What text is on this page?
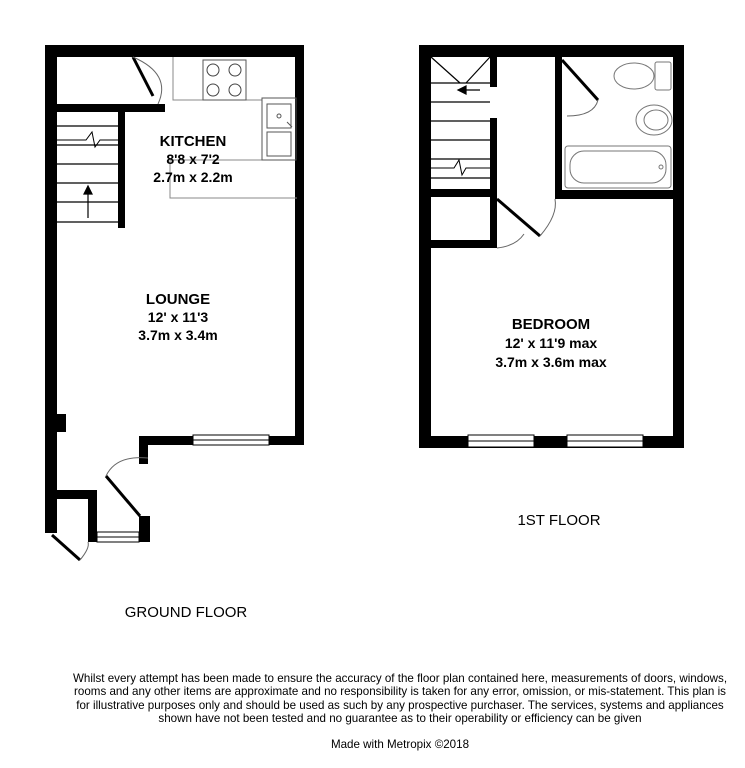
KITCHEN
8'8 x 7'2
2.7m x 2.2m
LOUNGE
12' x 11'3
3.7m x 3.4m
BEDROOM
12' x 11'9 max
3.7m x 3.6m max
1ST FLOOR
GROUND FLOOR

Whilst every attempt has been made to ensure the accuracy of the floor plan contained here, measurements of doors, windows, rooms and any other items are approximate and no responsibility is taken for any error, omission, or mis-statement. This plan is for illustrative purposes only and should be used as such by any prospective purchaser. The services, systems and appliances shown have not been tested and no guarantee as to their operability or efficiency can be given

Made with Metropix ©2018
